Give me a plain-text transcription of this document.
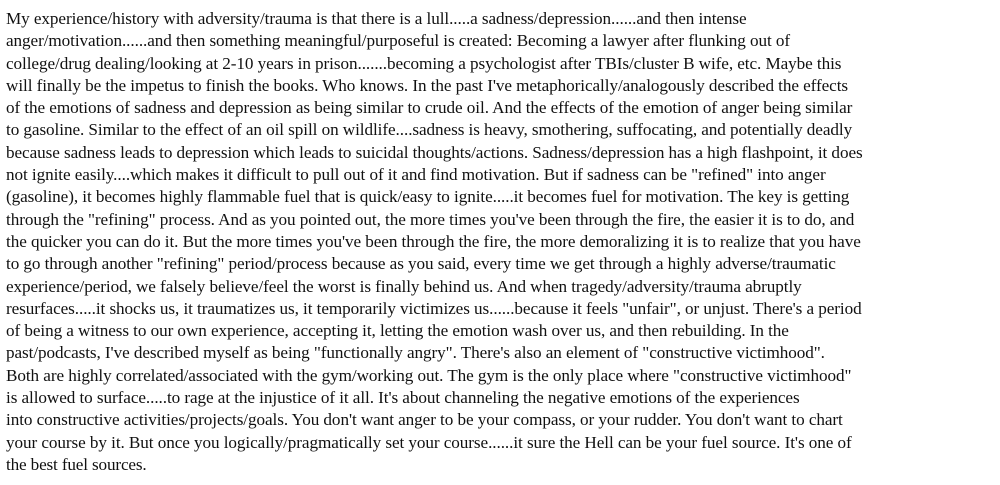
My experience/history with adversity/trauma is that there is a lull.....a sadness/depression......and then intense

anger/motivation......and then something meaningful/purposeful is created: Becoming a lawyer after flunking out of

college/drug dealing/looking at 2-10 years in prison.......becoming a psychologist after TBIs/cluster B wife, etc. Maybe this

will finally be the impetus to finish the books. Who knows. In the past I've metaphorically/analogously described the effects

of the emotions of sadness and depression as being similar to crude oil. And the effects of the emotion of anger being similar

to gasoline. Similar to the effect of an oil spill on wildlife....sadness is heavy, smothering, suffocating, and potentially deadly

because sadness leads to depression which leads to suicidal thoughts/actions. Sadness/depression has a high flashpoint, it does

not ignite easily....which makes it difficult to pull out of it and find motivation. But if sadness can be "refined" into anger

(gasoline), it becomes highly flammable fuel that is quick/easy to ignite.....it becomes fuel for motivation. The key is getting

through the "refining" process. And as you pointed out, the more times you've been through the fire, the easier it is to do, and

the quicker you can do it. But the more times you've been through the fire, the more demoralizing it is to realize that you have

to go through another "refining" period/process because as you said, every time we get through a highly adverse/traumatic

experience/period, we falsely believe/feel the worst is finally behind us. And when tragedy/adversity/trauma abruptly

resurfaces.....it shocks us, it traumatizes us, it temporarily victimizes us......because it feels "unfair", or unjust. There's a period

of being a witness to our own experience, accepting it, letting the emotion wash over us, and then rebuilding. In the

past/podcasts, I've described myself as being "functionally angry". There's also an element of "constructive victimhood".

Both are highly correlated/associated with the gym/working out. The gym is the only place where "constructive victimhood"

is allowed to surface.....to rage at the injustice of it all. It's about channeling the negative emotions of the experiences

into constructive activities/projects/goals. You don't want anger to be your compass, or your rudder. You don't want to chart

your course by it. But once you logically/pragmatically set your course......it sure the Hell can be your fuel source. It's one of

the best fuel sources.
